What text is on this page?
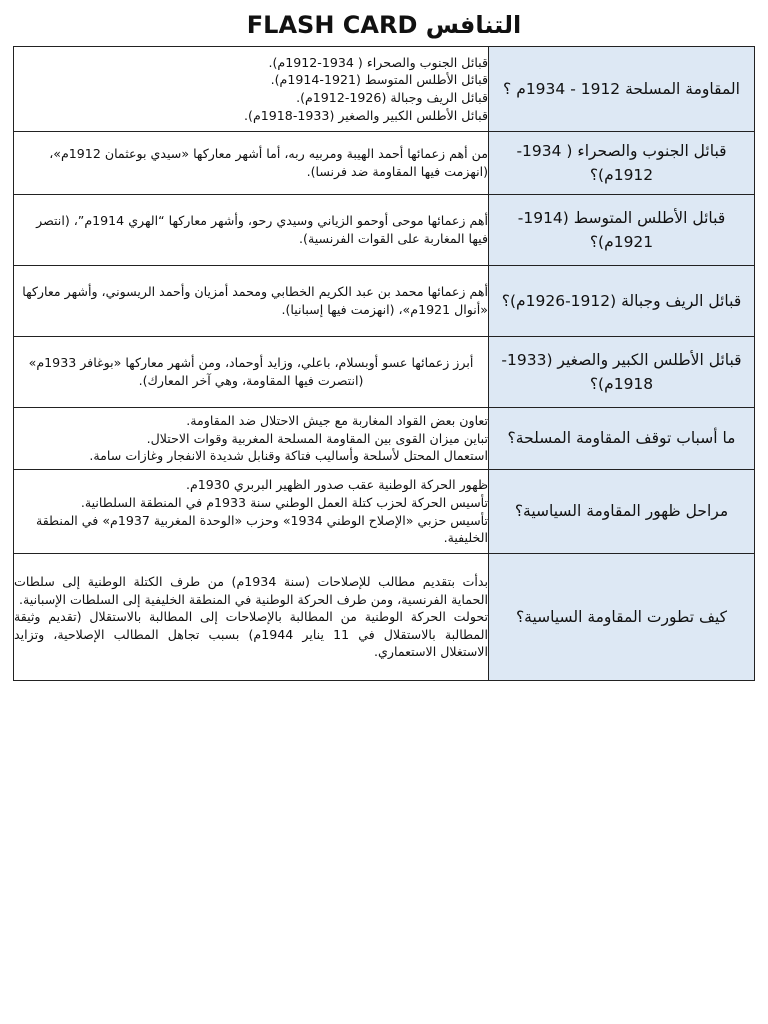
FLASH CARD التنافس
المقاومة المسلحة 1912 - 1934م ؟	قبائل الجنوب والصحراء ( 1934-1912م).
قبائل الأطلس المتوسط (1921-1914م).
قبائل الريف وجبالة (1926-1912م).
قبائل الأطلس الكبير والصغير (1933-1918م).

قبائل الجنوب والصحراء ( 1934-1912م)؟	من أهم زعمائها أحمد الهيبة ومربيه ربه، أما أشهر معاركها «سيدي بوعثمان 1912م»، (انهزمت فيها المقاومة ضد فرنسا).

قبائل الأطلس المتوسط (1914-1921م)؟	أهم زعمائها موحى أوحمو الزياني وسيدي رحو، وأشهر معاركها “الهري 1914م”، (انتصر فيها المغاربة على القوات الفرنسية).

قبائل الريف وجبالة (1912-1926م)؟	أهم زعمائها محمد بن عبد الكريم الخطابي ومحمد أمزيان وأحمد الريسوني، وأشهر معاركها «أنوال 1921م»، (انهزمت فيها إسبانيا).

قبائل الأطلس الكبير والصغير (1933-1918م)؟	أبرز زعمائها عسو أوبسلام، باعلي، وزايد أوحماد، ومن أشهر معاركها «بوغافر 1933م» (انتصرت فيها المقاومة، وهي آخر المعارك).

ما أسباب توقف المقاومة المسلحة؟	تعاون بعض القواد المغاربة مع جيش الاحتلال ضد المقاومة.
تباين ميزان القوى بين المقاومة المسلحة المغربية وقوات الاحتلال.
استعمال المحتل لأسلحة وأساليب فتاكة وقنابل شديدة الانفجار وغازات سامة.

مراحل ظهور المقاومة السياسية؟	ظهور الحركة الوطنية عقب صدور الظهير البربري 1930م.
تأسيس الحركة لحزب كتلة العمل الوطني سنة 1933م في المنطقة السلطانية.
تأسيس حزبي «الإصلاح الوطني 1934» وحزب «الوحدة المغربية 1937م» في المنطقة الخليفية.

كيف تطورت المقاومة السياسية؟	بدأت بتقديم مطالب للإصلاحات (سنة 1934م) من طرف الكتلة الوطنية إلى سلطات الحماية الفرنسية، ومن طرف الحركة الوطنية في المنطقة الخليفية إلى السلطات الإسبانية.
تحولت الحركة الوطنية من المطالبة بالإصلاحات إلى المطالبة بالاستقلال (تقديم وثيقة المطالبة بالاستقلال في 11 يناير 1944م) بسبب تجاهل المطالب الإصلاحية، وتزايد الاستغلال الاستعماري.
